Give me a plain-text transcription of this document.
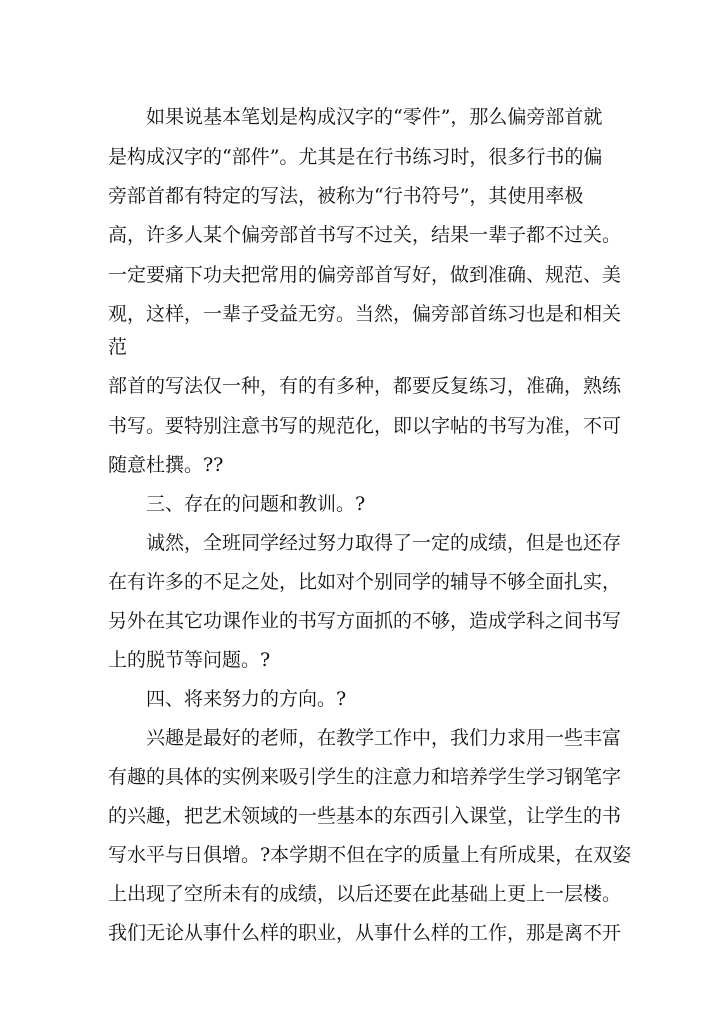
如果说基本笔划是构成汉字的“零件”，那么偏旁部首就
是构成汉字的“部件”。尤其是在行书练习时，很多行书的偏
旁部首都有特定的写法，被称为“行书符号”，其使用率极
高，许多人某个偏旁部首书写不过关，结果一辈子都不过关。
一定要痛下功夫把常用的偏旁部首写好，做到准确、规范、美
观，这样，一辈子受益无穷。当然，偏旁部首练习也是和相关
范
部首的写法仅一种，有的有多种，都要反复练习，准确，熟练
书写。要特别注意书写的规范化，即以字帖的书写为准，不可
随意杜撰。??
三、存在的问题和教训。?
诚然，全班同学经过努力取得了一定的成绩，但是也还存
在有许多的不足之处，比如对个别同学的辅导不够全面扎实，
另外在其它功课作业的书写方面抓的不够，造成学科之间书写
上的脱节等问题。?
四、将来努力的方向。?
兴趣是最好的老师，在教学工作中，我们力求用一些丰富
有趣的具体的实例来吸引学生的注意力和培养学生学习钢笔字
的兴趣，把艺术领域的一些基本的东西引入课堂，让学生的书
写水平与日俱增。?本学期不但在字的质量上有所成果，在双姿
上出现了空所未有的成绩，以后还要在此基础上更上一层楼。
我们无论从事什么样的职业，从事什么样的工作，那是离不开
